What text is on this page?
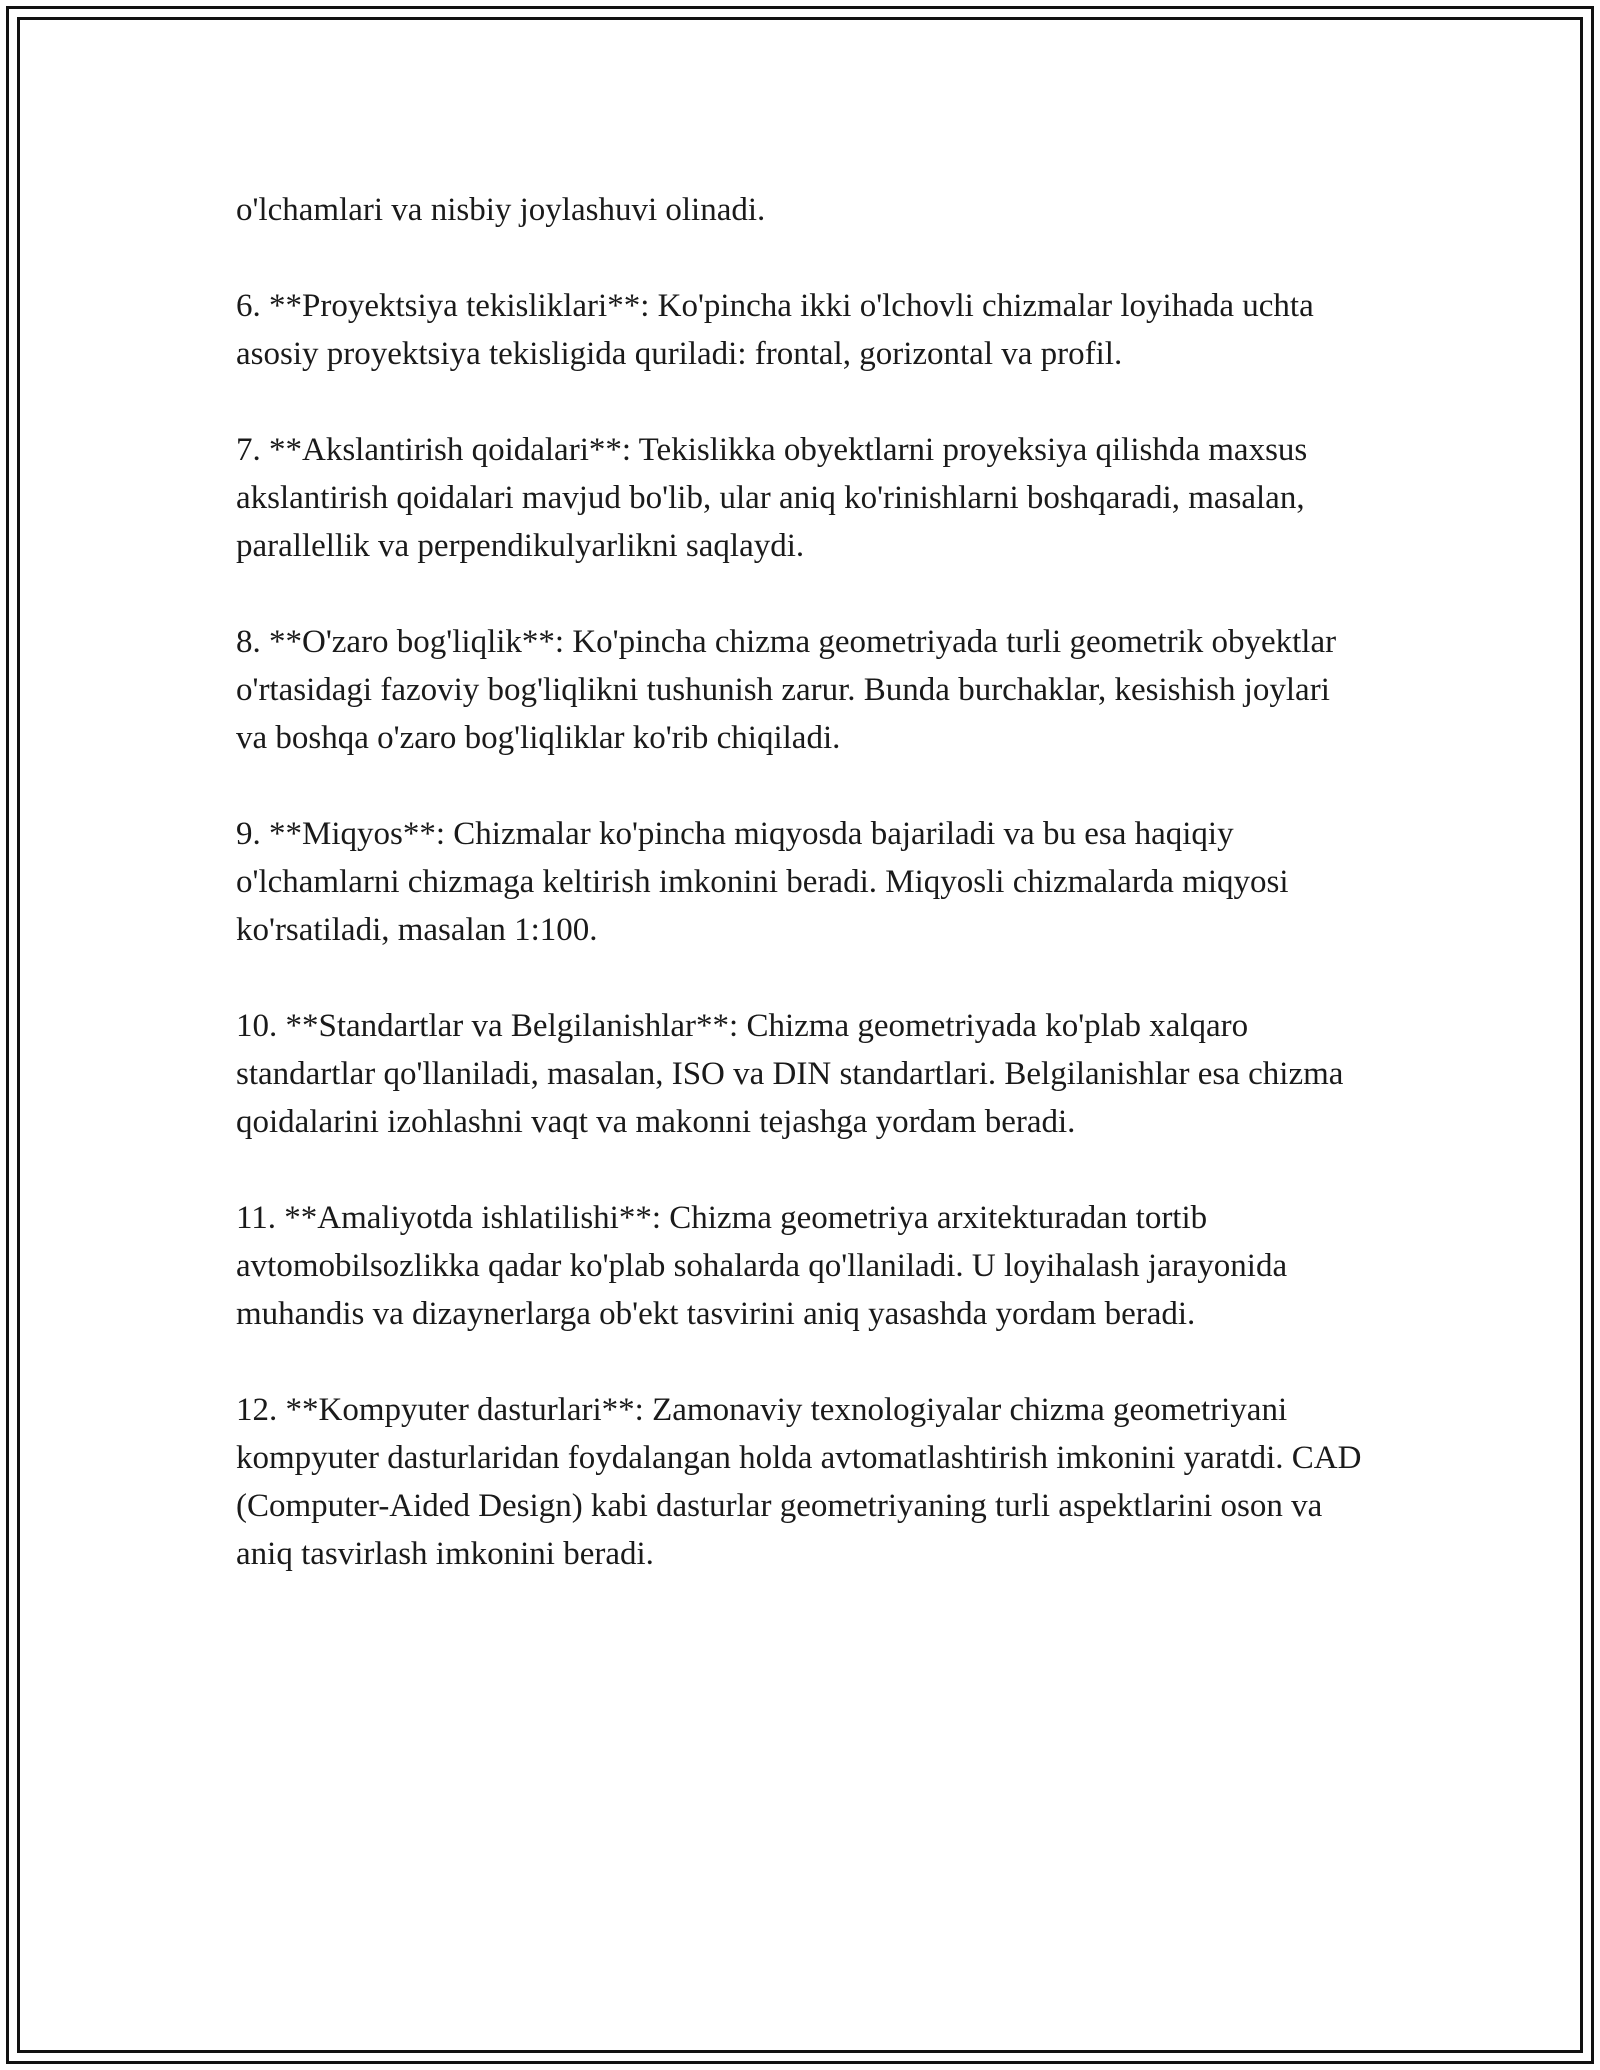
o'lchamlari va nisbiy joylashuvi olinadi.

6. **Proyektsiya tekisliklari**: Ko'pincha ikki o'lchovli chizmalar loyihada uchta asosiy proyektsiya tekisligida quriladi: frontal, gorizontal va profil.

7. **Akslantirish qoidalari**: Tekislikka obyektlarni proyeksiya qilishda maxsus akslantirish qoidalari mavjud bo'lib, ular aniq ko'rinishlarni boshqaradi, masalan, parallellik va perpendikulyarlikni saqlaydi.

8. **O'zaro bog'liqlik**: Ko'pincha chizma geometriyada turli geometrik obyektlar o'rtasidagi fazoviy bog'liqlikni tushunish zarur. Bunda burchaklar, kesishish joylari va boshqa o'zaro bog'liqliklar ko'rib chiqiladi.

9. **Miqyos**: Chizmalar ko'pincha miqyosda bajariladi va bu esa haqiqiy o'lchamlarni chizmaga keltirish imkonini beradi. Miqyosli chizmalarda miqyosi ko'rsatiladi, masalan 1:100.

10. **Standartlar va Belgilanishlar**: Chizma geometriyada ko'plab xalqaro standartlar qo'llaniladi, masalan, ISO va DIN standartlari. Belgilanishlar esa chizma qoidalarini izohlashni vaqt va makonni tejashga yordam beradi.

11. **Amaliyotda ishlatilishi**: Chizma geometriya arxitekturadan tortib avtomobilsozlikka qadar ko'plab sohalarda qo'llaniladi. U loyihalash jarayonida muhandis va dizaynerlarga ob'ekt tasvirini aniq yasashda yordam beradi.

12. **Kompyuter dasturlari**: Zamonaviy texnologiyalar chizma geometriyani kompyuter dasturlaridan foydalangan holda avtomatlashtirish imkonini yaratdi. CAD (Computer-Aided Design) kabi dasturlar geometriyaning turli aspektlarini oson va aniq tasvirlash imkonini beradi.
